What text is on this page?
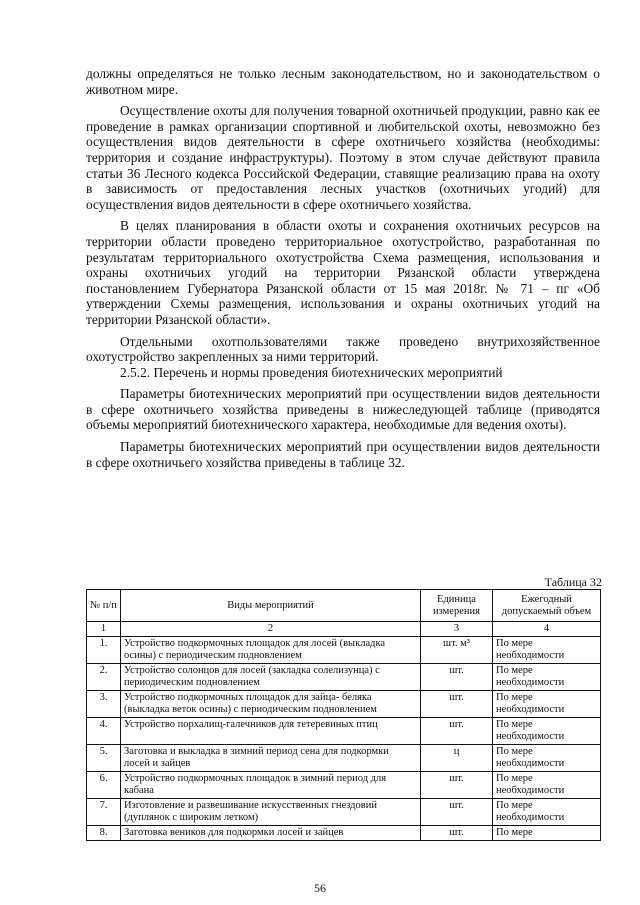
должны определяться не только лесным законодательством, но и законодательством о животном мире.

Осуществление охоты для получения товарной охотничьей продукции, равно как ее проведение в рамках организации спортивной и любительской охоты, невозможно без осуществления видов деятельности в сфере охотничьего хозяйства (необходимы: территория и создание инфраструктуры). Поэтому в этом случае действуют правила статьи 36 Лесного кодекса Российской Федерации, ставящие реализацию права на охоту в зависимость от предоставления лесных участков (охотничьих угодий) для осуществления видов деятельности в сфере охотничьего хозяйства.

В целях планирования в области охоты и сохранения охотничьих ресурсов на территории области проведено территориальное охотустройство, разработанная по результатам территориального охотустройства Схема размещения, использования и охраны охотничьих угодий на территории Рязанской области утверждена постановлением Губернатора Рязанской области от 15 мая 2018г. № 71 – пг «Об утверждении Схемы размещения, использования и охраны охотничьих угодий на территории Рязанской области».

Отдельными охотпользователями также проведено внутрихозяйственное охотустройство закрепленных за ними территорий.

2.5.2. Перечень и нормы проведения биотехнических мероприятий

Параметры биотехнических мероприятий при осуществлении видов деятельности в сфере охотничьего хозяйства приведены в нижеследующей таблице (приводятся объемы мероприятий биотехнического характера, необходимые для ведения охоты).

Параметры биотехнических мероприятий при осуществлении видов деятельности в сфере охотничьего хозяйства приведены в таблице 32.

Таблица 32
№ п/п	Виды мероприятий	Единица измерения	Ежегодный допускаемый объем
1	2	3	4
1.	Устройство подкормочных площадок для лосей (выкладка осины) с периодическим подновлением	шт. м³	По мере необходимости
2.	Устройство солонцов для лосей (закладка солелизунца) с периодическим подновлением	шт.	По мере необходимости
3.	Устройство подкормочных площадок для зайца- беляка (выкладка веток осины) с периодическим подновлением	шт.	По мере необходимости
4.	Устройство порхалищ-галечников для тетеревиных птиц	шт.	По мере необходимости
5.	Заготовка и выкладка в зимний период сена для подкормки лосей и зайцев	ц	По мере необходимости
6.	Устройство подкормочных площадок в зимний период для кабана	шт.	По мере необходимости
7.	Изготовление и развешивание искусственных гнездовий (дуплянок с широким летком)	шт.	По мере необходимости
8.	Заготовка веников для подкормки лосей и зайцев	шт.	По мере
56
